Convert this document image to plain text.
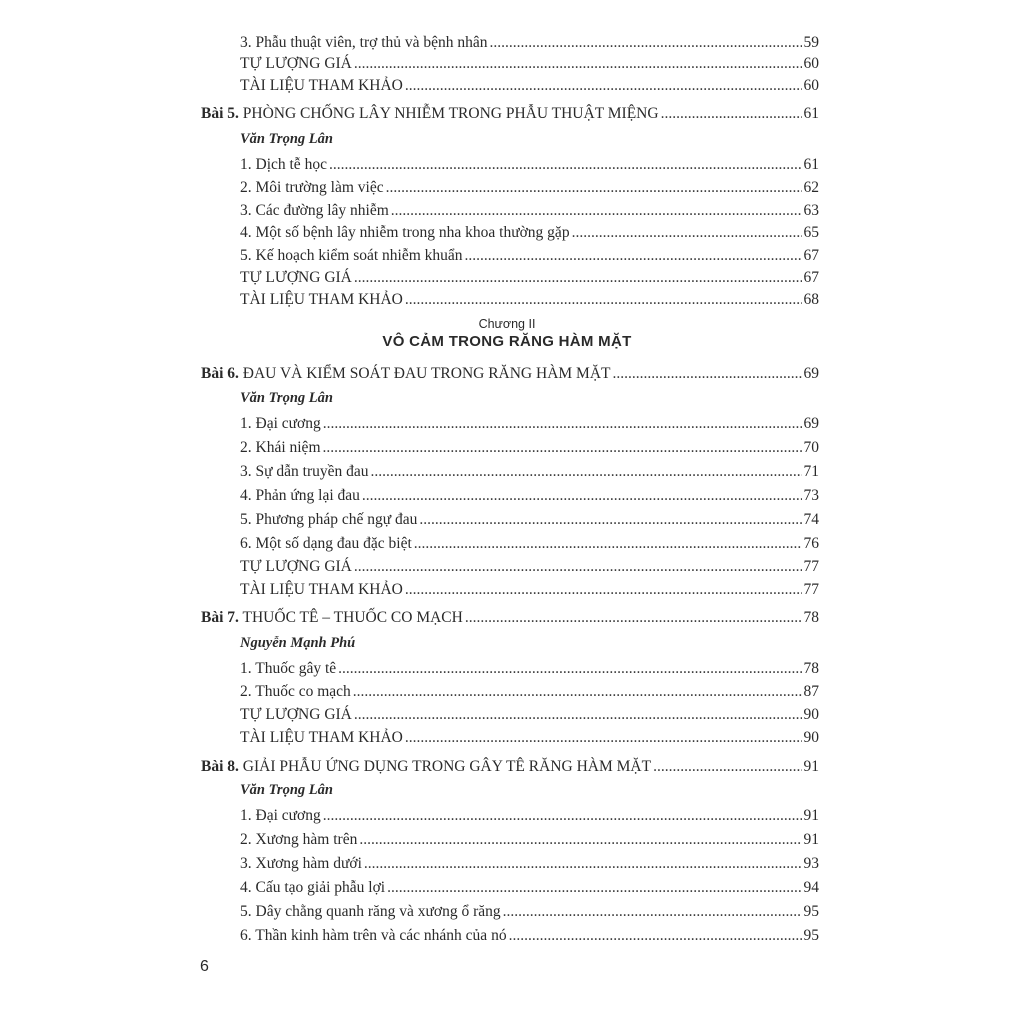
3. Phẫu thuật viên, trợ thủ và bệnh nhân .....	59
TỰ LƯỢNG GIÁ .....	60
TÀI LIỆU THAM KHẢO .....	60
Bài 5. PHÒNG CHỐNG LÂY NHIỄM TRONG PHẪU THUẬT MIỆNG .....	61
Văn Trọng Lân
1. Dịch tễ học .....	61
2. Môi trường làm việc .....	62
3. Các đường lây nhiễm .....	63
4. Một số bệnh lây nhiễm trong nha khoa thường gặp .....	65
5. Kế hoạch kiểm soát nhiễm khuẩn .....	67
TỰ LƯỢNG GIÁ .....	67
TÀI LIỆU THAM KHẢO .....	68
Chương II
VÔ CẢM TRONG RĂNG HÀM MẶT
Bài 6. ĐAU VÀ KIỂM SOÁT ĐAU TRONG RĂNG HÀM MẶT .....	69
Văn Trọng Lân
1. Đại cương .....	69
2. Khái niệm .....	70
3. Sự dẫn truyền đau .....	71
4. Phản ứng lại đau .....	73
5. Phương pháp chế ngự đau .....	74
6. Một số dạng đau đặc biệt .....	76
TỰ LƯỢNG GIÁ .....	77
TÀI LIỆU THAM KHẢO .....	77
Bài 7. THUỐC TÊ – THUỐC CO MẠCH .....	78
Nguyễn Mạnh Phú
1. Thuốc gây tê .....	78
2. Thuốc co mạch .....	87
TỰ LƯỢNG GIÁ .....	90
TÀI LIỆU THAM KHẢO .....	90
Bài 8. GIẢI PHẪU ỨNG DỤNG TRONG GÂY TÊ RĂNG HÀM MẶT .....	91
Văn Trọng Lân
1. Đại cương .....	91
2. Xương hàm trên .....	91
3. Xương hàm dưới .....	93
4. Cấu tạo giải phẫu lợi .....	94
5. Dây chằng quanh răng và xương ổ răng .....	95
6. Thần kinh hàm trên và các nhánh của nó .....	95
6
